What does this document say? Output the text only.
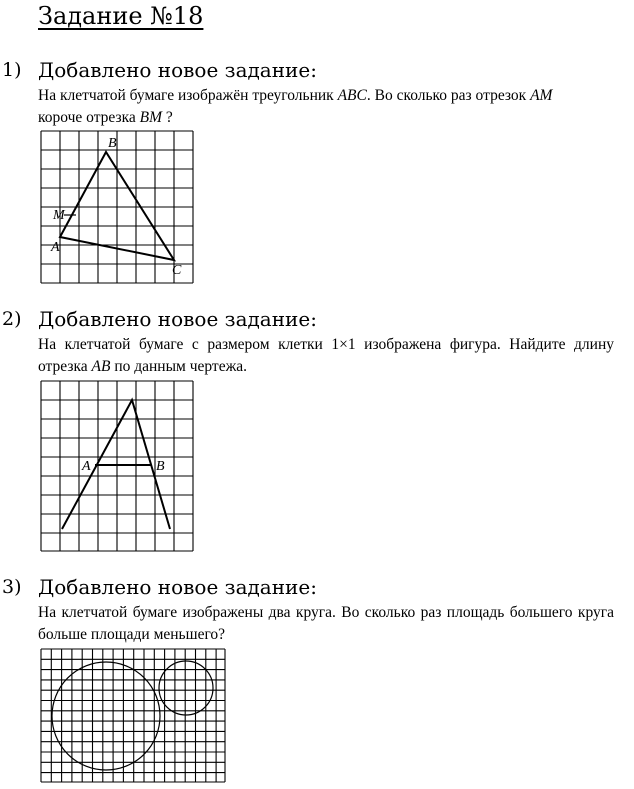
Задание №18
1) Добавлено новое задание:
На клетчатой бумаге изображён треугольник ABC. Во сколько раз отрезок AM
короче отрезка BM ?
B
A
C
M
2) Добавлено новое задание:
На клетчатой бумаге с размером клетки 1×1 изображена фигура. Найдите длину отрезка AB по данным чертежа.
A	B
3) Добавлено новое задание:
На клетчатой бумаге изображены два круга. Во сколько раз площадь большего круга больше площади меньшего?
